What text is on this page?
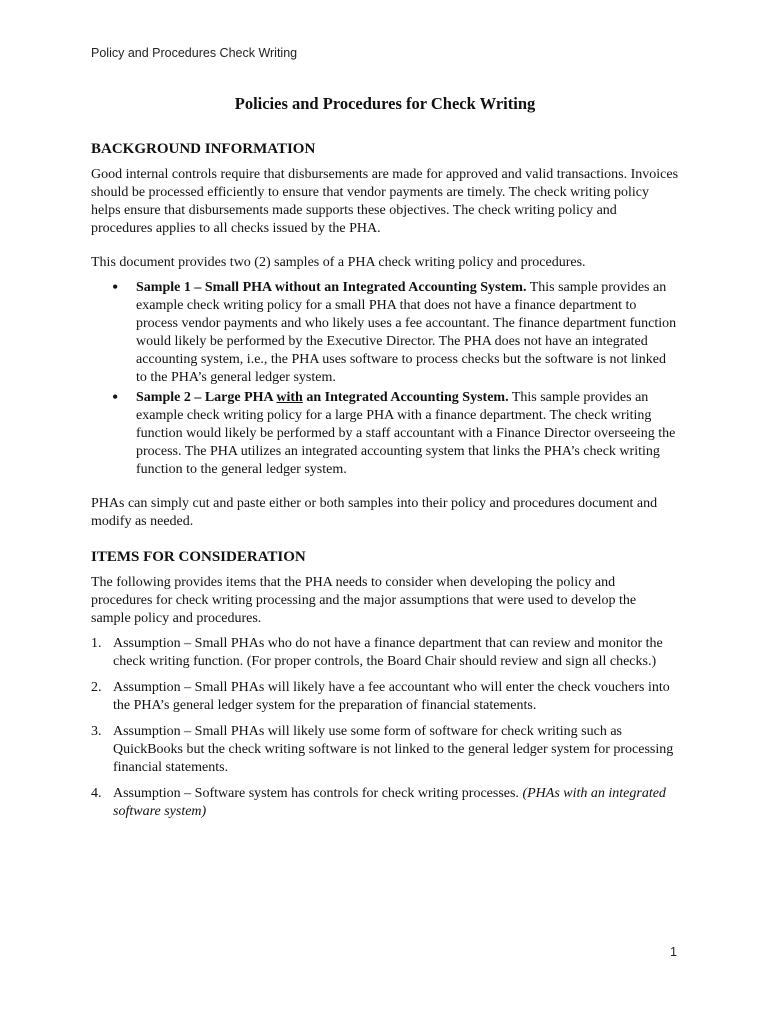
Policy and Procedures Check Writing
Policies and Procedures for Check Writing
BACKGROUND INFORMATION

Good internal controls require that disbursements are made for approved and valid transactions. Invoices should be processed efficiently to ensure that vendor payments are timely. The check writing policy helps ensure that disbursements made supports these objectives. The check writing policy and procedures applies to all checks issued by the PHA.

This document provides two (2) samples of a PHA check writing policy and procedures.

• Sample 1 – Small PHA without an Integrated Accounting System. This sample provides an example check writing policy for a small PHA that does not have a finance department to process vendor payments and who likely uses a fee accountant. The finance department function would likely be performed by the Executive Director. The PHA does not have an integrated accounting system, i.e., the PHA uses software to process checks but the software is not linked to the PHA’s general ledger system.
• Sample 2 – Large PHA with an Integrated Accounting System. This sample provides an example check writing policy for a large PHA with a finance department. The check writing function would likely be performed by a staff accountant with a Finance Director overseeing the process. The PHA utilizes an integrated accounting system that links the PHA’s check writing function to the general ledger system.

PHAs can simply cut and paste either or both samples into their policy and procedures document and modify as needed.

ITEMS FOR CONSIDERATION

The following provides items that the PHA needs to consider when developing the policy and procedures for check writing processing and the major assumptions that were used to develop the sample policy and procedures.

1. Assumption – Small PHAs who do not have a finance department that can review and monitor the check writing function. (For proper controls, the Board Chair should review and sign all checks.)
2. Assumption – Small PHAs will likely have a fee accountant who will enter the check vouchers into the PHA’s general ledger system for the preparation of financial statements.
3. Assumption – Small PHAs will likely use some form of software for check writing such as QuickBooks but the check writing software is not linked to the general ledger system for processing financial statements.
4. Assumption – Software system has controls for check writing processes. (PHAs with an integrated software system)
1
